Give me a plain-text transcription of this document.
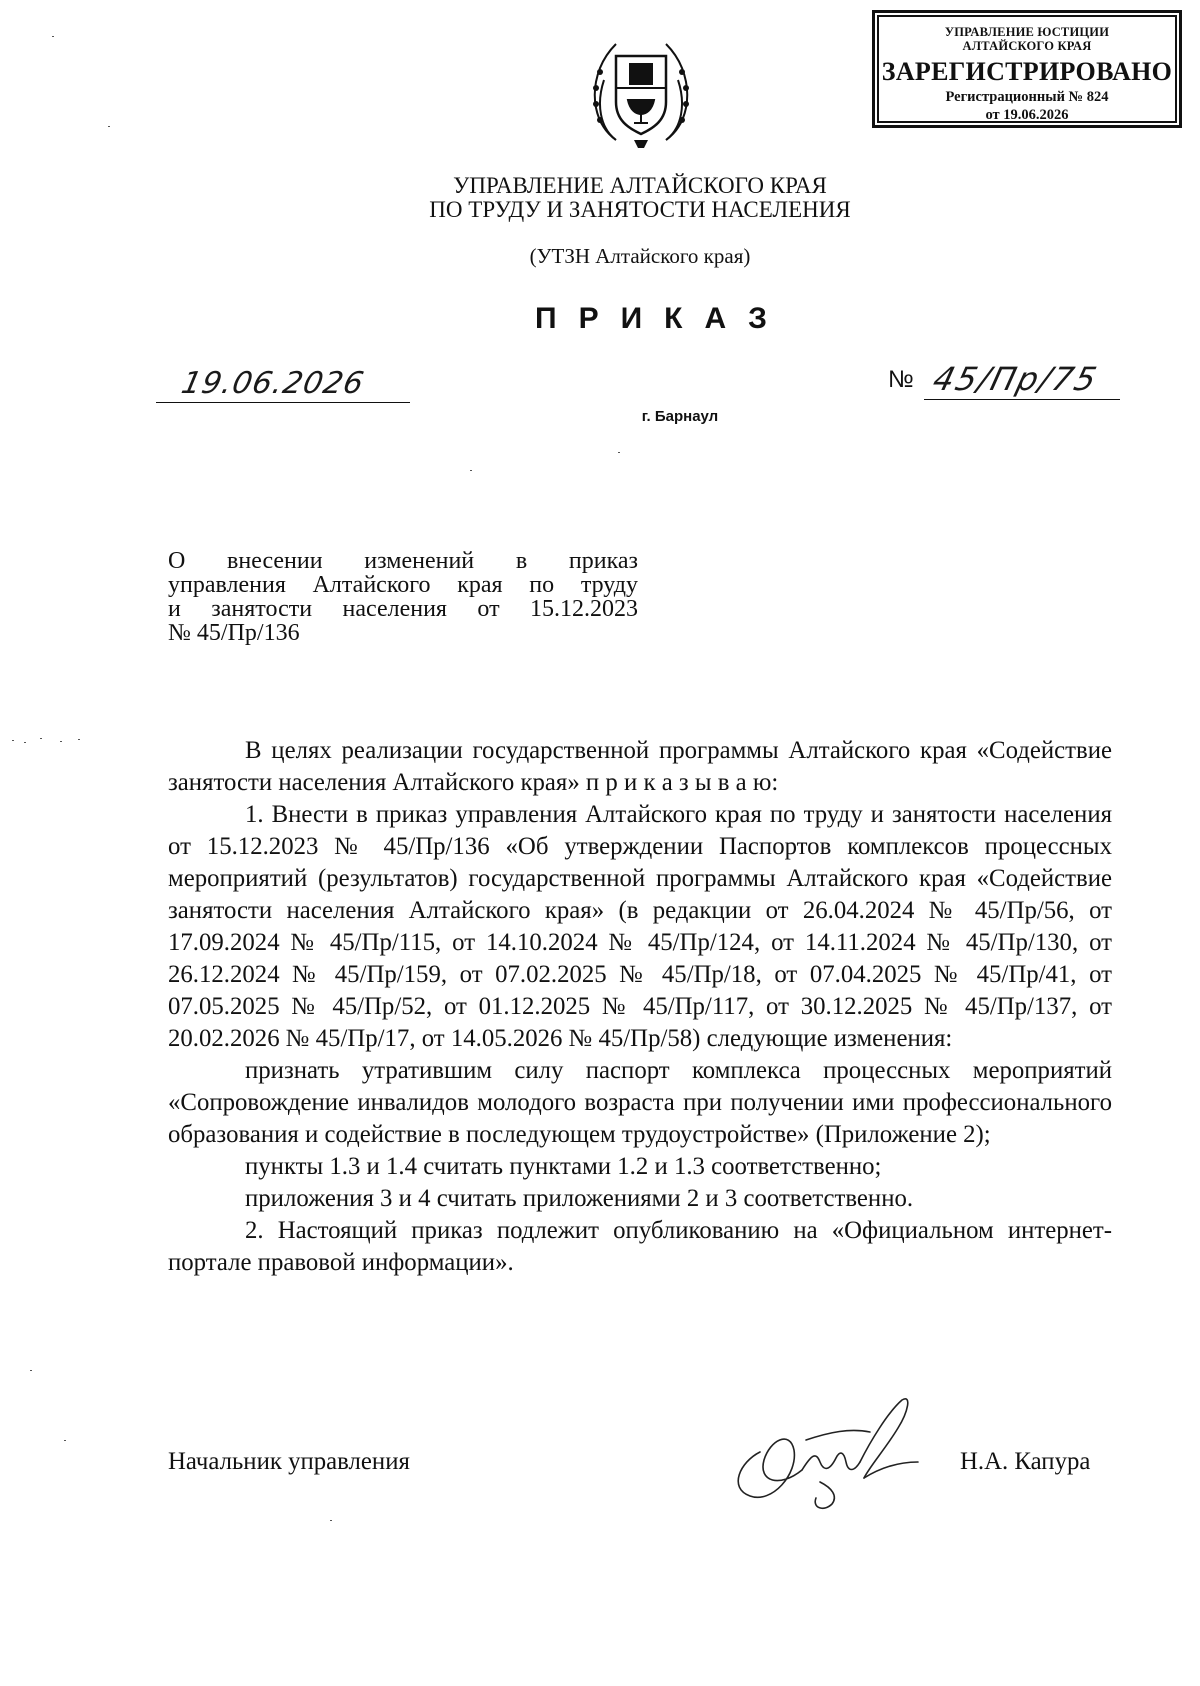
УПРАВЛЕНИЕ ЮСТИЦИИ
АЛТАЙСКОГО КРАЯ
ЗАРЕГИСТРИРОВАНО
Регистрационный № 824
от 19.06.2026
УПРАВЛЕНИЕ АЛТАЙСКОГО КРАЯ
ПО ТРУДУ И ЗАНЯТОСТИ НАСЕЛЕНИЯ
(УТЗН Алтайского края)
ПРИКАЗ
19.06.2026	№ 45/Пр/75
г. Барнаул
О внесении изменений в приказ
управления Алтайского края по труду
и занятости населения от 15.12.2023
№ 45/Пр/136

В целях реализации государственной программы Алтайского края «Содействие занятости населения Алтайского края» п р и к а з ы в а ю:

1. Внести в приказ управления Алтайского края по труду и занятости населения от 15.12.2023 № 45/Пр/136 «Об утверждении Паспортов комплексов процессных мероприятий (результатов) государственной программы Алтайского края «Содействие занятости населения Алтайского края» (в редакции от 26.04.2024 № 45/Пр/56, от 17.09.2024 № 45/Пр/115, от 14.10.2024 № 45/Пр/124, от 14.11.2024 № 45/Пр/130, от 26.12.2024 № 45/Пр/159, от 07.02.2025 № 45/Пр/18, от 07.04.2025 № 45/Пр/41, от 07.05.2025 № 45/Пр/52, от 01.12.2025 № 45/Пр/117, от 30.12.2025 № 45/Пр/137, от 20.02.2026 № 45/Пр/17, от 14.05.2026 № 45/Пр/58) следующие изменения:

признать утратившим силу паспорт комплекса процессных мероприятий «Сопровождение инвалидов молодого возраста при получении ими профессионального образования и содействие в последующем трудоустройстве» (Приложение 2);

пункты 1.3 и 1.4 считать пунктами 1.2 и 1.3 соответственно;

приложения 3 и 4 считать приложениями 2 и 3 соответственно.

2. Настоящий приказ подлежит опубликованию на «Официальном интернет-портале правовой информации».

Начальник управления	Н.А. Капура
